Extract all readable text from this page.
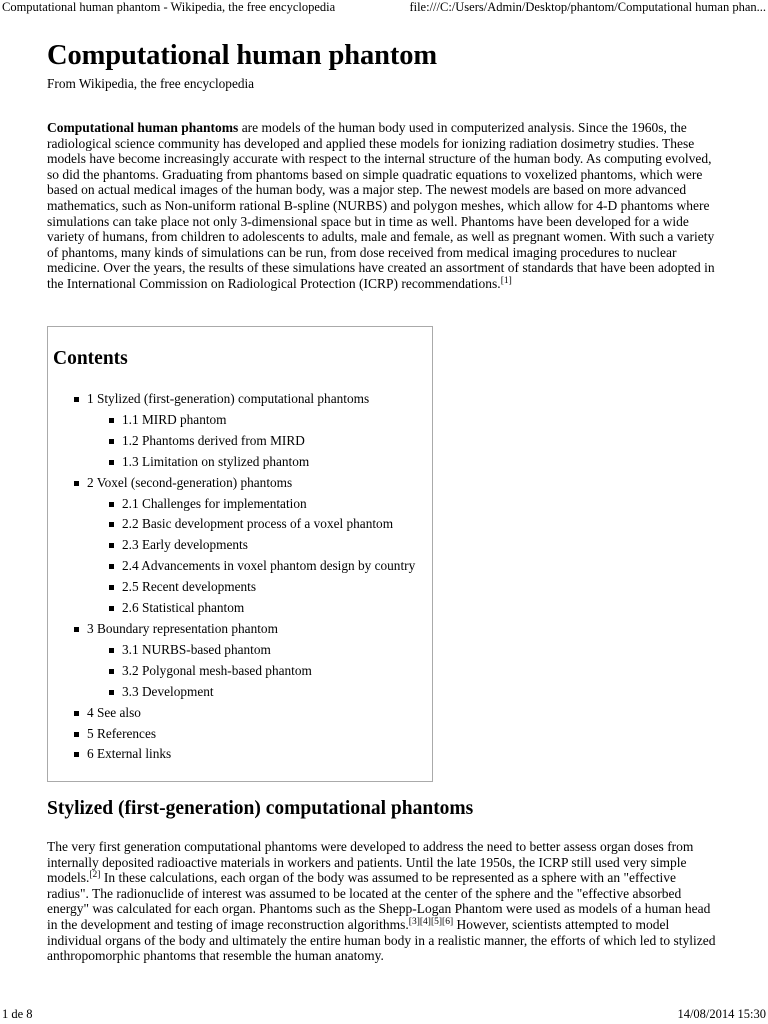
Computational human phantom - Wikipedia, the free encyclopedia	file:///C:/Users/Admin/Desktop/phantom/Computational human phan...
Computational human phantom
From Wikipedia, the free encyclopedia

Computational human phantoms are models of the human body used in computerized analysis. Since the 1960s, the radiological science community has developed and applied these models for ionizing radiation dosimetry studies. These models have become increasingly accurate with respect to the internal structure of the human body. As computing evolved, so did the phantoms. Graduating from phantoms based on simple quadratic equations to voxelized phantoms, which were based on actual medical images of the human body, was a major step. The newest models are based on more advanced mathematics, such as Non-uniform rational B-spline (NURBS) and polygon meshes, which allow for 4-D phantoms where simulations can take place not only 3-dimensional space but in time as well. Phantoms have been developed for a wide variety of humans, from children to adolescents to adults, male and female, as well as pregnant women. With such a variety of phantoms, many kinds of simulations can be run, from dose received from medical imaging procedures to nuclear medicine. Over the years, the results of these simulations have created an assortment of standards that have been adopted in the International Commission on Radiological Protection (ICRP) recommendations.[1]

Contents
1 Stylized (first-generation) computational phantoms
1.1 MIRD phantom
1.2 Phantoms derived from MIRD
1.3 Limitation on stylized phantom
2 Voxel (second-generation) phantoms
2.1 Challenges for implementation
2.2 Basic development process of a voxel phantom
2.3 Early developments
2.4 Advancements in voxel phantom design by country
2.5 Recent developments
2.6 Statistical phantom
3 Boundary representation phantom
3.1 NURBS-based phantom
3.2 Polygonal mesh-based phantom
3.3 Development
4 See also
5 References
6 External links
Stylized (first-generation) computational phantoms

The very first generation computational phantoms were developed to address the need to better assess organ doses from internally deposited radioactive materials in workers and patients. Until the late 1950s, the ICRP still used very simple models.[2] In these calculations, each organ of the body was assumed to be represented as a sphere with an "effective radius". The radionuclide of interest was assumed to be located at the center of the sphere and the "effective absorbed energy" was calculated for each organ. Phantoms such as the Shepp-Logan Phantom were used as models of a human head in the development and testing of image reconstruction algorithms.[3][4][5][6] However, scientists attempted to model individual organs of the body and ultimately the entire human body in a realistic manner, the efforts of which led to stylized anthropomorphic phantoms that resemble the human anatomy.

1 de 8	14/08/2014 15:30
